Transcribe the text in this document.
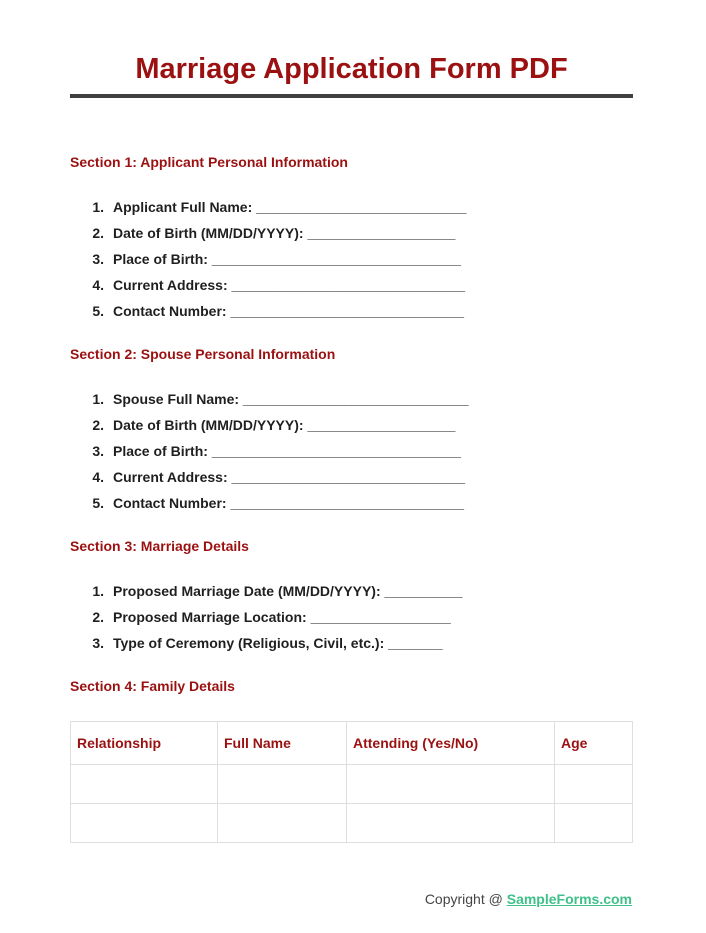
Marriage Application Form PDF
Section 1: Applicant Personal Information
1. Applicant Full Name: ___________________________
2. Date of Birth (MM/DD/YYYY): ___________________
3. Place of Birth: ________________________________
4. Current Address: ______________________________
5. Contact Number: ______________________________
Section 2: Spouse Personal Information
1. Spouse Full Name: _____________________________
2. Date of Birth (MM/DD/YYYY): ___________________
3. Place of Birth: ________________________________
4. Current Address: ______________________________
5. Contact Number: ______________________________
Section 3: Marriage Details
1. Proposed Marriage Date (MM/DD/YYYY): __________
2. Proposed Marriage Location: __________________
3. Type of Ceremony (Religious, Civil, etc.): _______
Section 4: Family Details
Relationship	Full Name	Attending (Yes/No)	Age

Copyright @ SampleForms.com
